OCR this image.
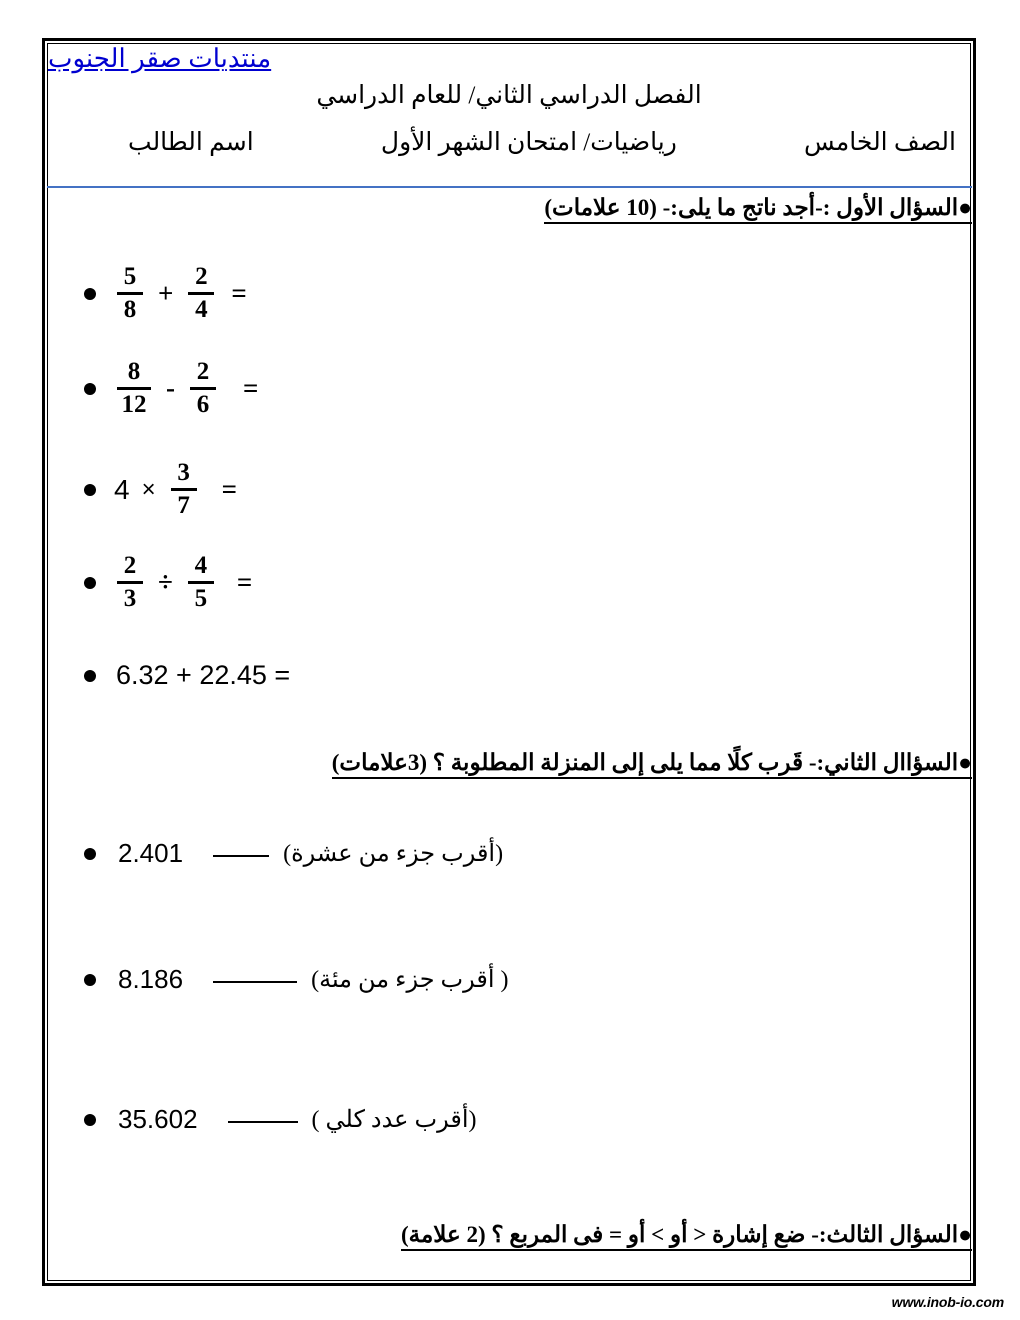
منتديات صقر الجنوب
الفصل الدراسي الثاني/ للعام الدراسي
الصف الخامس
رياضيات/ امتحان الشهر الأول
اسم الطالب
●السؤال الأول :-أجد ناتج ما يلى:- (10 علامات)
$\frac{5}{8} + \frac{2}{4}$ =
$\frac{8}{12} - \frac{2}{6}$ =
$4 \times \frac{3}{7}$ =
$\frac{2}{3} \div \frac{4}{5}$ =
6.32 + 22.45 =
●السؤاال الثاني:- قَرب كلًا مما يلى إلى المنزلة المطلوبة ؟ (3علامات)
2.401	(أقرب جزء من عشرة)
8.186	( أقرب جزء من مئة)
35.602	(أقرب عدد كلي )
●السؤال الثالث:- ضع إشارة < أو > أو = فى المربع ؟ (2 علامة)
www.inob-io.com
